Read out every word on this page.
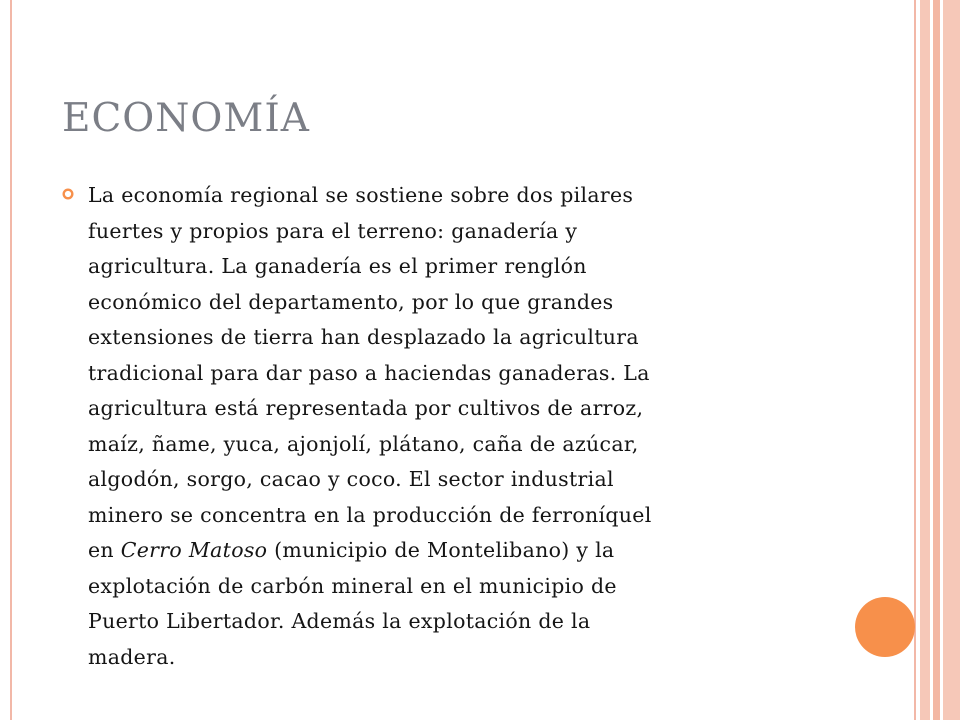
ECONOMÍA

La economía regional se sostiene sobre dos pilares
fuertes y propios para el terreno: ganadería y
agricultura. La ganadería es el primer renglón
económico del departamento, por lo que grandes
extensiones de tierra han desplazado la agricultura
tradicional para dar paso a haciendas ganaderas. La
agricultura está representada por cultivos de arroz,
maíz, ñame, yuca, ajonjolí, plátano, caña de azúcar,
algodón, sorgo, cacao y coco. El sector industrial
minero se concentra en la producción de ferroníquel
en Cerro Matoso (municipio de Montelibano) y la
explotación de carbón mineral en el municipio de
Puerto Libertador. Además la explotación de la
madera.
